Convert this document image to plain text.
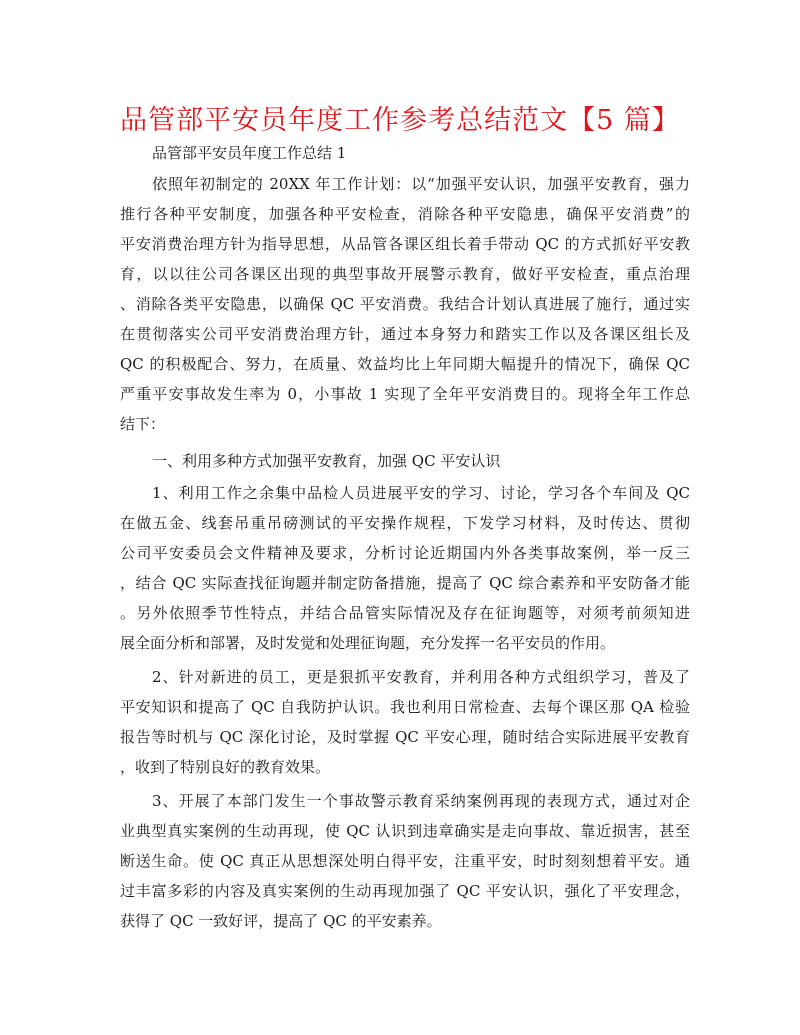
品管部平安员年度工作参考总结范文【5 篇】
品管部平安员年度工作总结 1
依照年初制定的 20XX 年工作计划：以“加强平安认识，加强平安教育，强力
推行各种平安制度，加强各种平安检查，消除各种平安隐患，确保平安消费”的
平安消费治理方针为指导思想，从品管各课区组长着手带动 QC 的方式抓好平安教
育，以以往公司各课区出现的典型事故开展警示教育，做好平安检查，重点治理
、消除各类平安隐患，以确保 QC 平安消费。我结合计划认真进展了施行，通过实
在贯彻落实公司平安消费治理方针，通过本身努力和踏实工作以及各课区组长及
QC 的积极配合、努力，在质量、效益均比上年同期大幅提升的情况下，确保 QC
严重平安事故发生率为 0，小事故 1 实现了全年平安消费目的。现将全年工作总
结下：
一、利用多种方式加强平安教育，加强 QC 平安认识
1、利用工作之余集中品检人员进展平安的学习、讨论，学习各个车间及 QC
在做五金、线套吊重吊磅测试的平安操作规程，下发学习材料，及时传达、贯彻
公司平安委员会文件精神及要求，分析讨论近期国内外各类事故案例，举一反三
，结合 QC 实际查找征询题并制定防备措施，提高了 QC 综合素养和平安防备才能
。另外依照季节性特点，并结合品管实际情况及存在征询题等，对须考前须知进
展全面分析和部署，及时发觉和处理征询题，充分发挥一名平安员的作用。
2、针对新进的员工，更是狠抓平安教育，并利用各种方式组织学习，普及了
平安知识和提高了 QC 自我防护认识。我也利用日常检查、去每个课区那 QA 检验
报告等时机与 QC 深化讨论，及时掌握 QC 平安心理，随时结合实际进展平安教育
，收到了特别良好的教育效果。
3、开展了本部门发生一个事故警示教育采纳案例再现的表现方式，通过对企
业典型真实案例的生动再现，使 QC 认识到违章确实是走向事故、靠近损害，甚至
断送生命。使 QC 真正从思想深处明白得平安，注重平安，时时刻刻想着平安。通
过丰富多彩的内容及真实案例的生动再现加强了 QC 平安认识，强化了平安理念，
获得了 QC 一致好评，提高了 QC 的平安素养。
